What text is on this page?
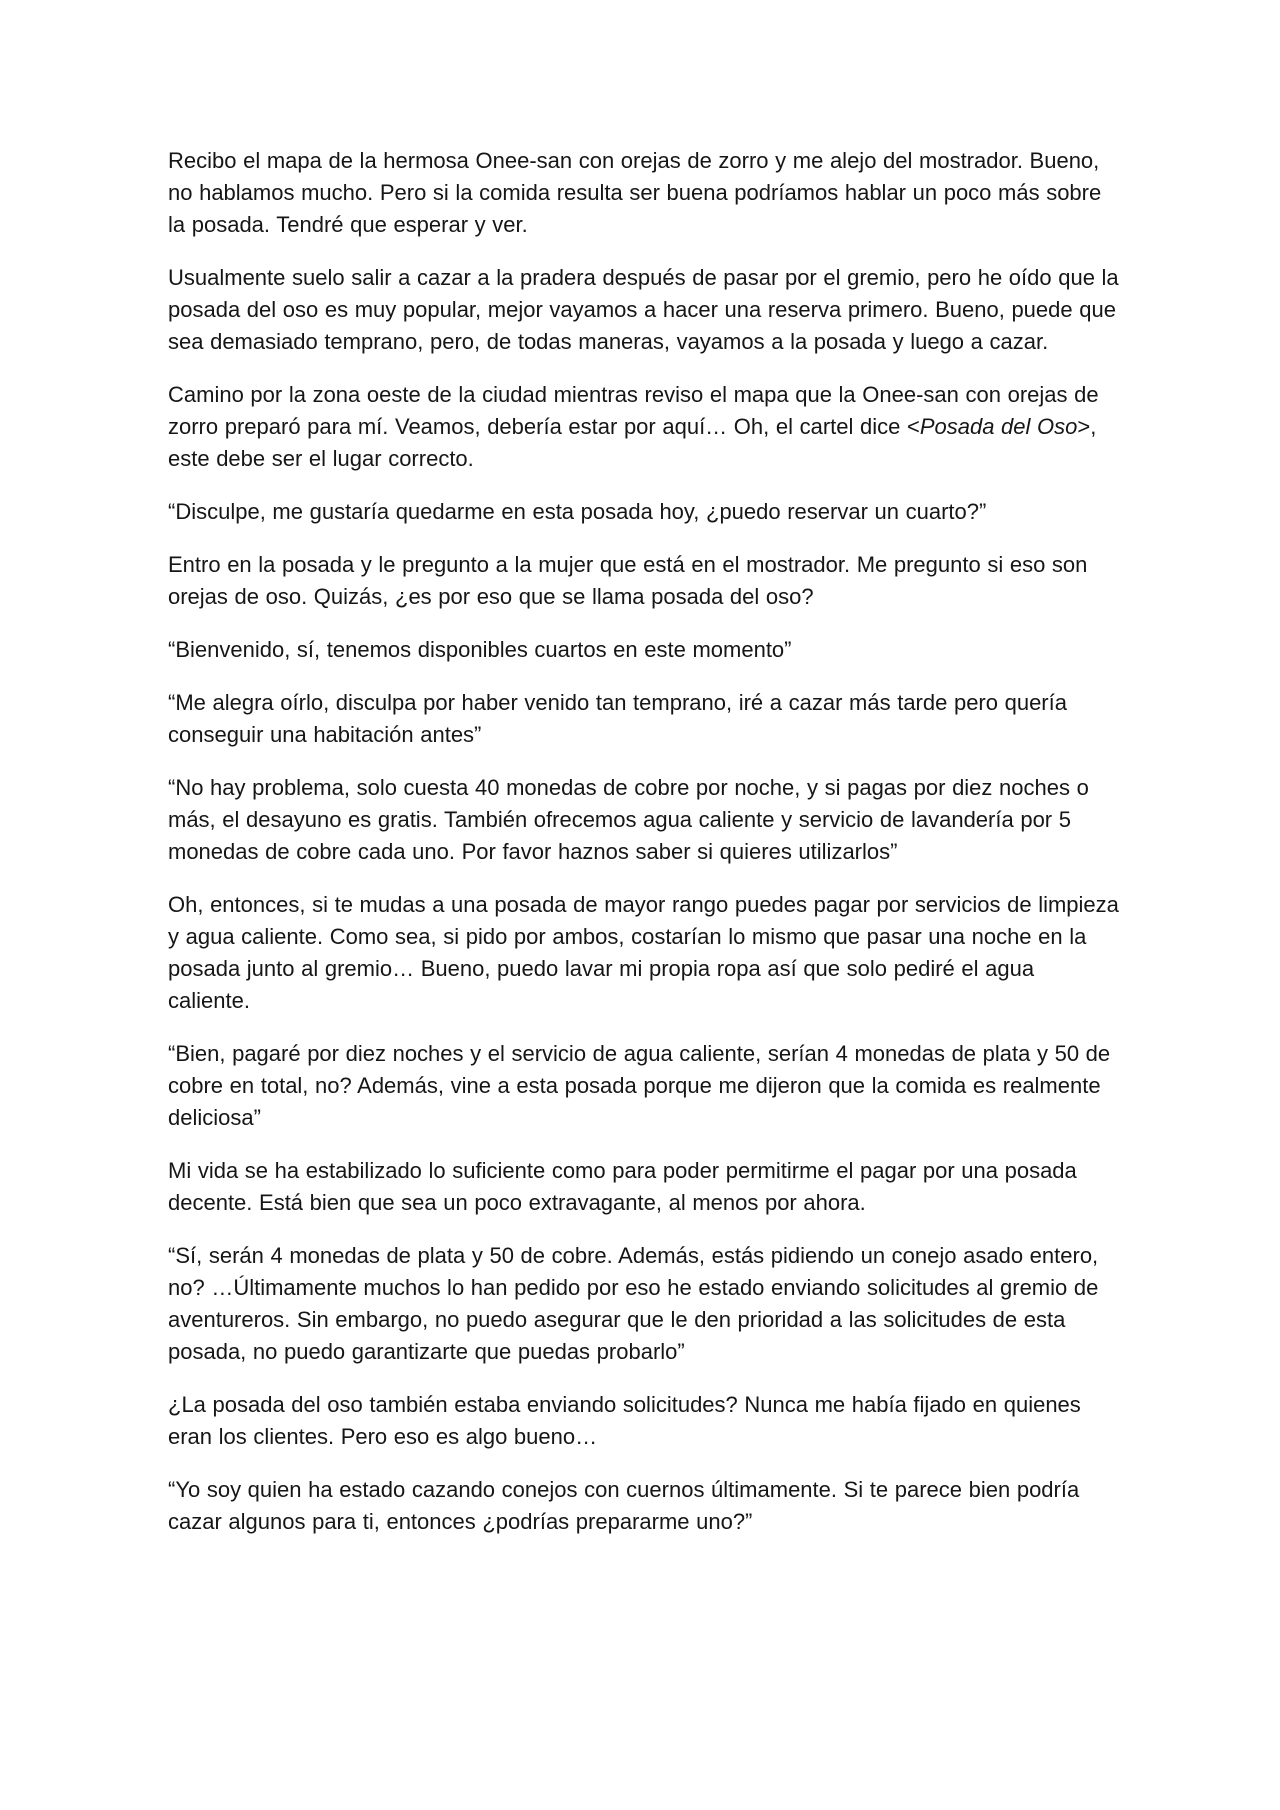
Recibo el mapa de la hermosa Onee-san con orejas de zorro y me alejo del mostrador. Bueno, no hablamos mucho. Pero si la comida resulta ser buena podríamos hablar un poco más sobre la posada. Tendré que esperar y ver.

Usualmente suelo salir a cazar a la pradera después de pasar por el gremio, pero he oído que la posada del oso es muy popular, mejor vayamos a hacer una reserva primero. Bueno, puede que sea demasiado temprano, pero, de todas maneras, vayamos a la posada y luego a cazar.

Camino por la zona oeste de la ciudad mientras reviso el mapa que la Onee-san con orejas de zorro preparó para mí. Veamos, debería estar por aquí… Oh, el cartel dice <Posada del Oso>, este debe ser el lugar correcto.

“Disculpe, me gustaría quedarme en esta posada hoy, ¿puedo reservar un cuarto?”

Entro en la posada y le pregunto a la mujer que está en el mostrador. Me pregunto si eso son orejas de oso. Quizás, ¿es por eso que se llama posada del oso?

“Bienvenido, sí, tenemos disponibles cuartos en este momento”

“Me alegra oírlo, disculpa por haber venido tan temprano, iré a cazar más tarde pero quería conseguir una habitación antes”

“No hay problema, solo cuesta 40 monedas de cobre por noche, y si pagas por diez noches o más, el desayuno es gratis. También ofrecemos agua caliente y servicio de lavandería por 5 monedas de cobre cada uno. Por favor haznos saber si quieres utilizarlos”

Oh, entonces, si te mudas a una posada de mayor rango puedes pagar por servicios de limpieza y agua caliente. Como sea, si pido por ambos, costarían lo mismo que pasar una noche en la posada junto al gremio… Bueno, puedo lavar mi propia ropa así que solo pediré el agua caliente.

“Bien, pagaré por diez noches y el servicio de agua caliente, serían 4 monedas de plata y 50 de cobre en total, no? Además, vine a esta posada porque me dijeron que la comida es realmente deliciosa”

Mi vida se ha estabilizado lo suficiente como para poder permitirme el pagar por una posada decente. Está bien que sea un poco extravagante, al menos por ahora.

“Sí, serán 4 monedas de plata y 50 de cobre. Además, estás pidiendo un conejo asado entero, no? …Últimamente muchos lo han pedido por eso he estado enviando solicitudes al gremio de aventureros. Sin embargo, no puedo asegurar que le den prioridad a las solicitudes de esta posada, no puedo garantizarte que puedas probarlo”

¿La posada del oso también estaba enviando solicitudes? Nunca me había fijado en quienes eran los clientes. Pero eso es algo bueno…

“Yo soy quien ha estado cazando conejos con cuernos últimamente. Si te parece bien podría cazar algunos para ti, entonces ¿podrías prepararme uno?”
